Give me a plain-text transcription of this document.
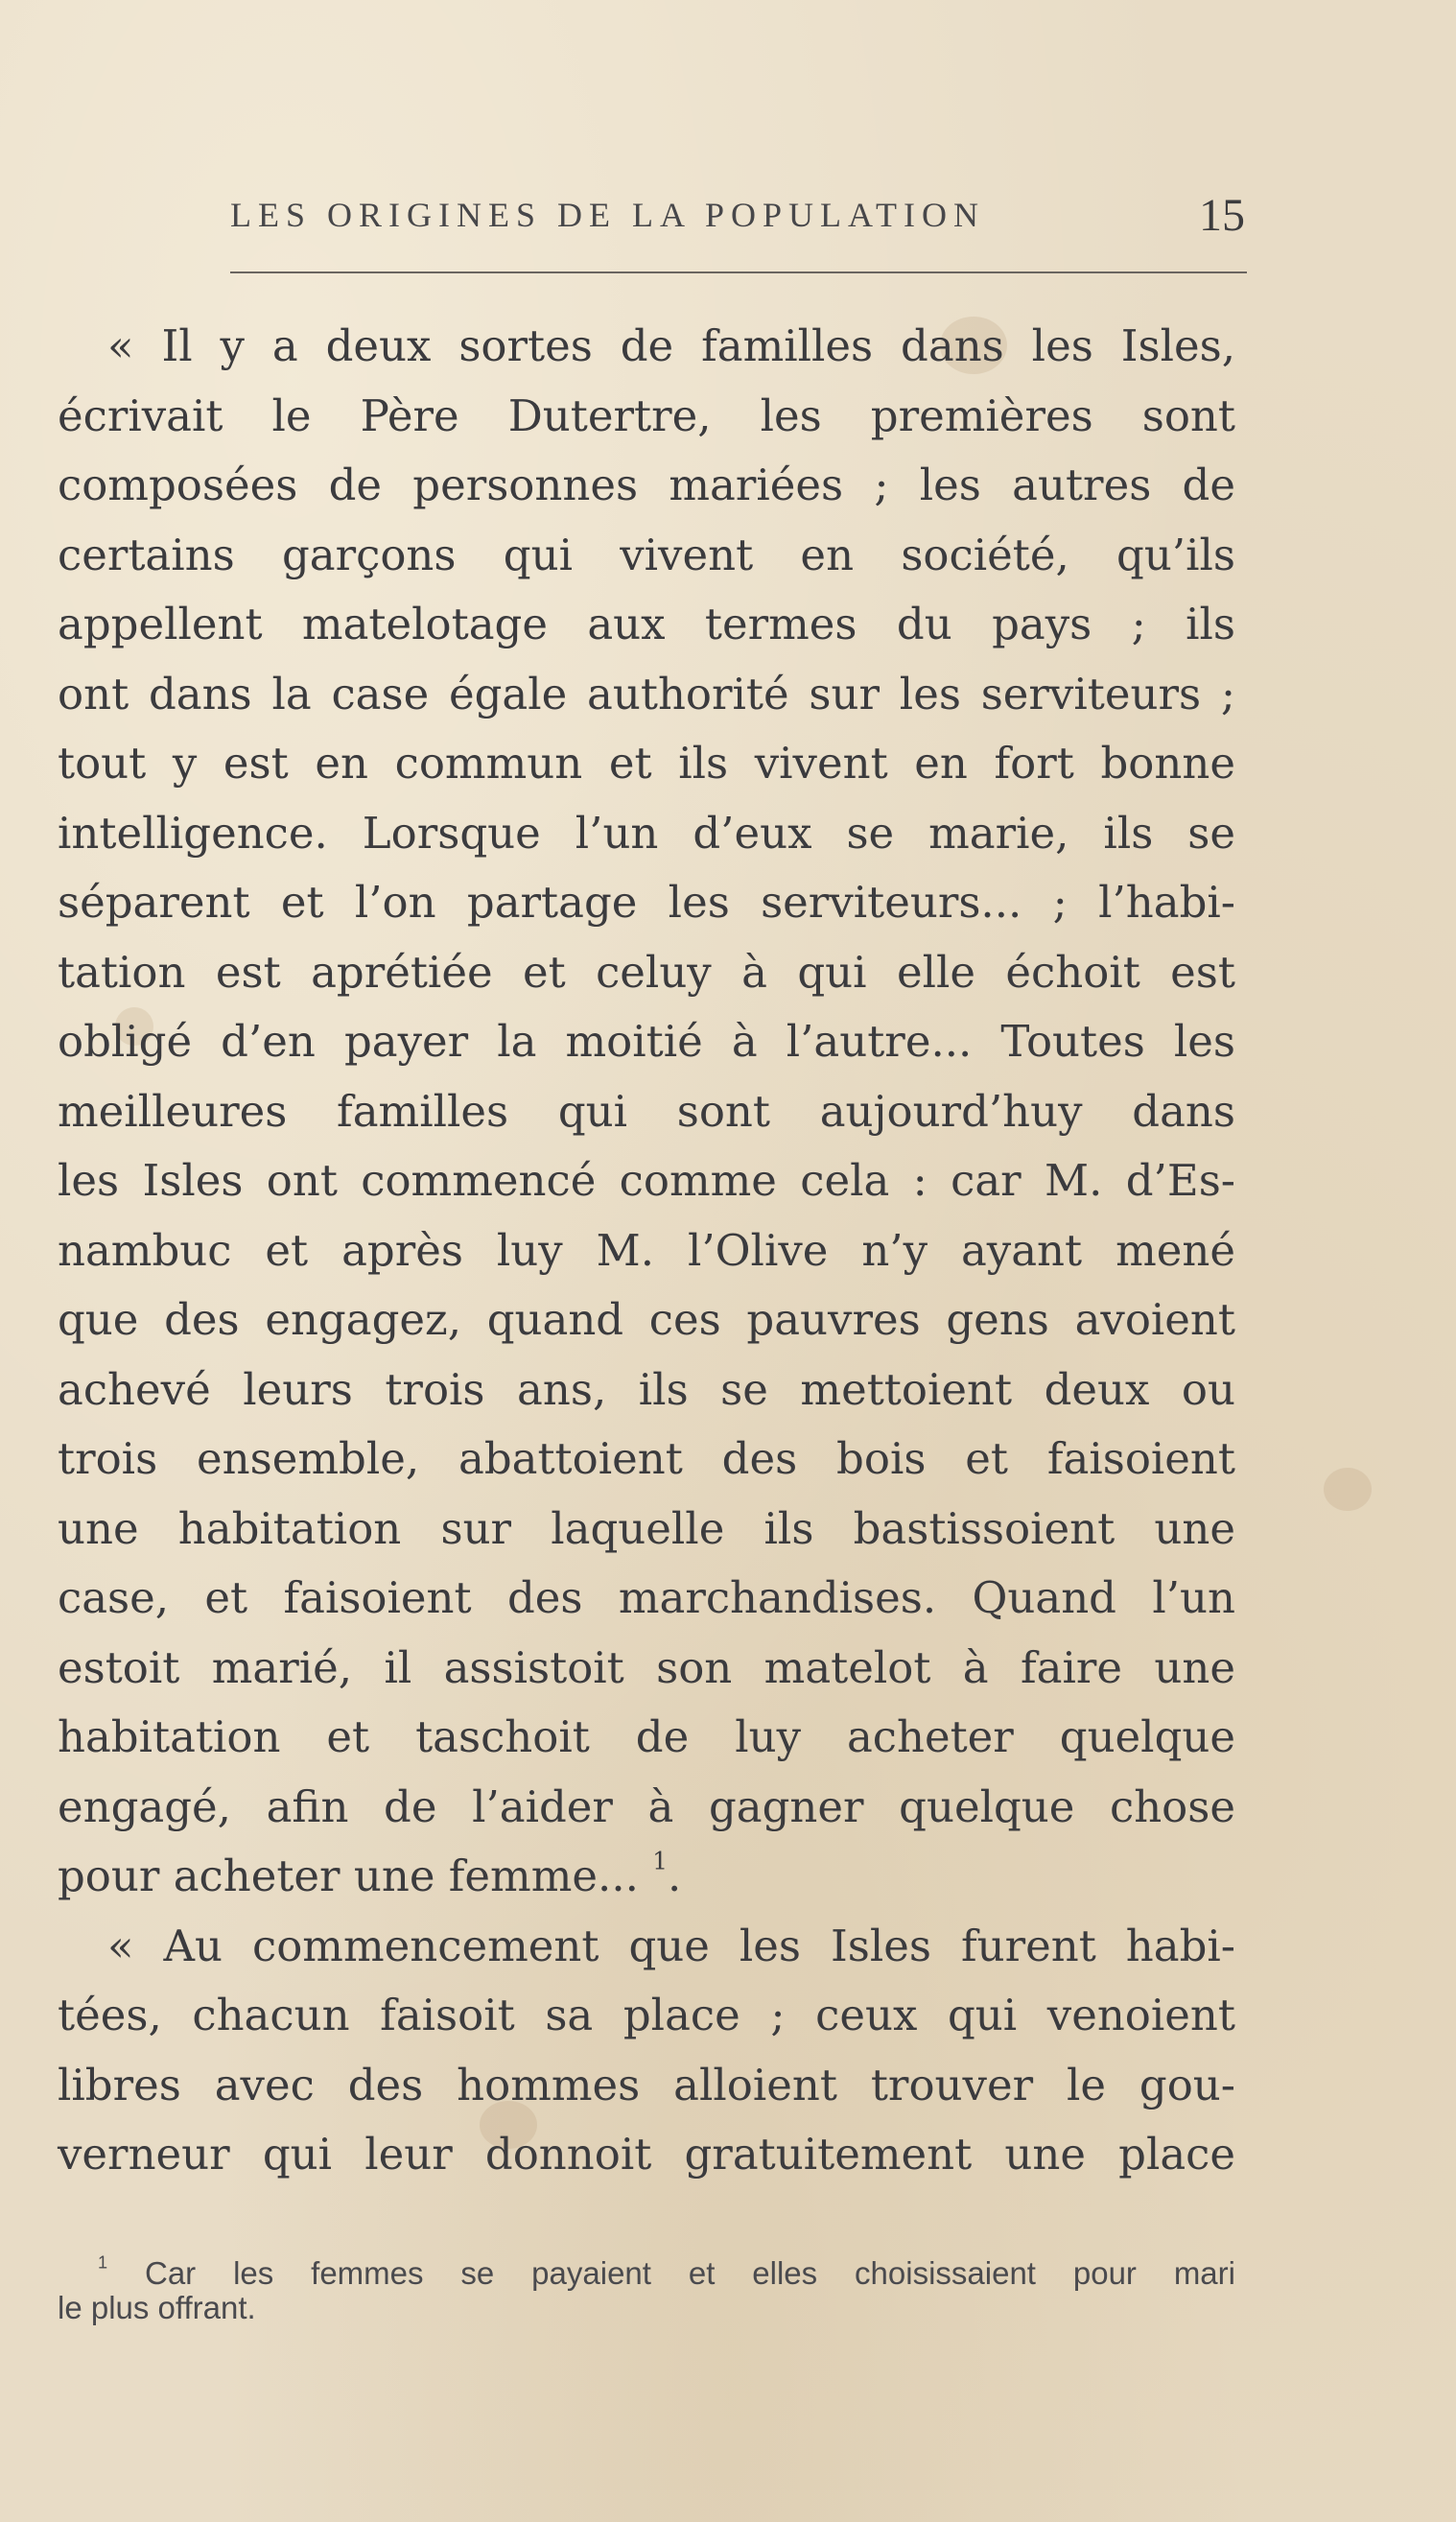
LES ORIGINES DE LA POPULATION	15
« Il y a deux sortes de familles dans les Isles,
écrivait le Père Dutertre, les premières sont
composées de personnes mariées ; les autres de
certains garçons qui vivent en société, qu’ils
appellent matelotage aux termes du pays ; ils
ont dans la case égale authorité sur les serviteurs ;
tout y est en commun et ils vivent en fort bonne
intelligence. Lorsque l’un d’eux se marie, ils se
séparent et l’on partage les serviteurs... ; l’habi-
tation est aprétiée et celuy à qui elle échoit est
obligé d’en payer la moitié à l’autre... Toutes les
meilleures familles qui sont aujourd’huy dans
les Isles ont commencé comme cela : car M. d’Es-
nambuc et après luy M. l’Olive n’y ayant mené
que des engagez, quand ces pauvres gens avoient
achevé leurs trois ans, ils se mettoient deux ou
trois ensemble, abattoient des bois et faisoient
une habitation sur laquelle ils bastissoient une
case, et faisoient des marchandises. Quand l’un
estoit marié, il assistoit son matelot à faire une
habitation et taschoit de luy acheter quelque
engagé, afin de l’aider à gagner quelque chose
pour acheter une femme... $^1$.
« Au commencement que les Isles furent habi-
tées, chacun faisoit sa place ; ceux qui venoient
libres avec des hommes alloient trouver le gou-
verneur qui leur donnoit gratuitement une place
$^1$ Car les femmes se payaient et elles choisissaient pour mari
le plus offrant.
